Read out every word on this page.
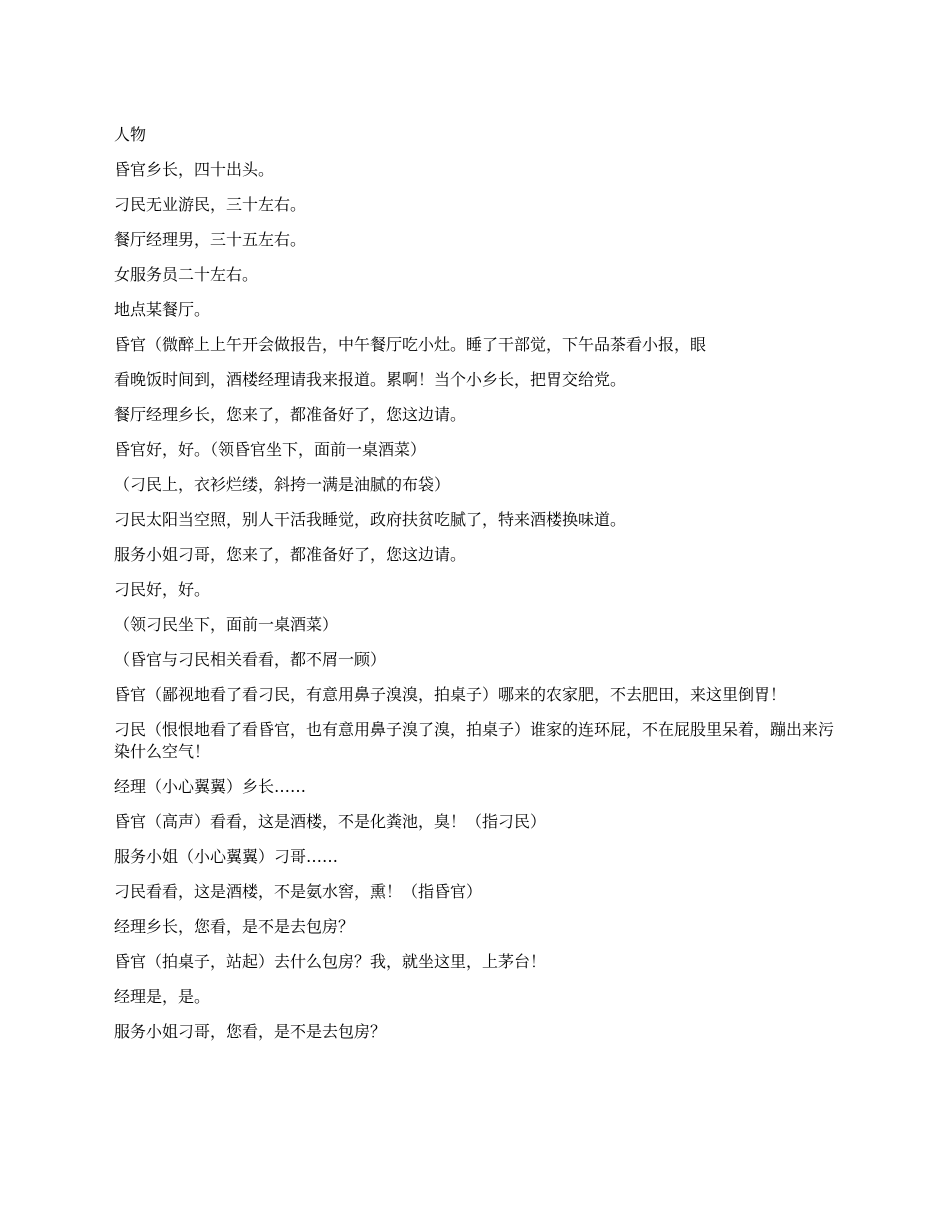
人物

昏官乡长，四十出头。

刁民无业游民，三十左右。

餐厅经理男，三十五左右。

女服务员二十左右。

地点某餐厅。

昏官（微醉上上午开会做报告，中午餐厅吃小灶。睡了干部觉，下午品茶看小报，眼

看晚饭时间到，酒楼经理请我来报道。累啊！当个小乡长，把胃交给党。

餐厅经理乡长，您来了，都准备好了，您这边请。

昏官好，好。（领昏官坐下，面前一桌酒菜）

（刁民上，衣衫烂缕，斜挎一满是油腻的布袋）

刁民太阳当空照，别人干活我睡觉，政府扶贫吃腻了，特来酒楼换味道。

服务小姐刁哥，您来了，都准备好了，您这边请。

刁民好，好。

（领刁民坐下，面前一桌酒菜）

（昏官与刁民相关看看，都不屑一顾）

昏官（鄙视地看了看刁民，有意用鼻子溴溴，拍桌子）哪来的农家肥，不去肥田，来这里倒胃！

刁民（恨恨地看了看昏官，也有意用鼻子溴了溴，拍桌子）谁家的连环屁，不在屁股里呆着，蹦出来污染什么空气！

经理（小心翼翼）乡长……

昏官（高声）看看，这是酒楼，不是化粪池，臭！（指刁民）

服务小姐（小心翼翼）刁哥……

刁民看看，这是酒楼，不是氨水窖，熏！（指昏官）

经理乡长，您看，是不是去包房？

昏官（拍桌子，站起）去什么包房？我，就坐这里，上茅台！

经理是，是。

服务小姐刁哥，您看，是不是去包房？
